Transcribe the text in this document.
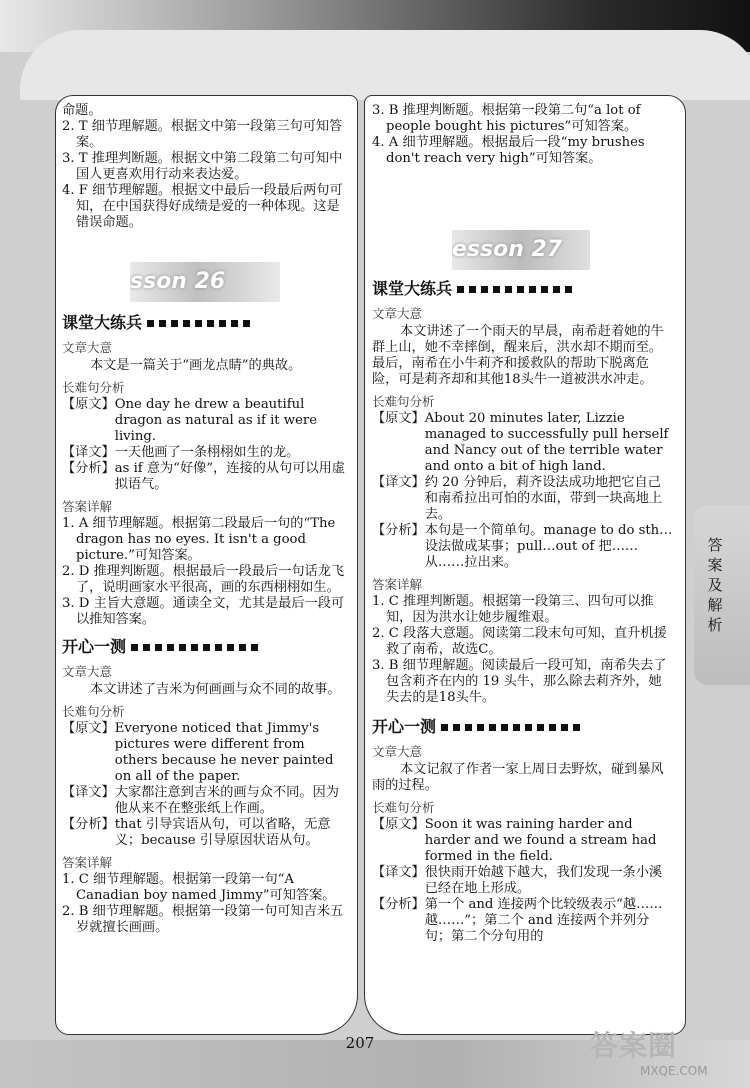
sson 26
esson 27

命题。

2. T 细节理解题。根据文中第一段第三句可知答案。

3. T 推理判断题。根据文中第二段第二句可知中国人更喜欢用行动来表达爱。

4. F 细节理解题。根据文中最后一段最后两句可知，在中国获得好成绩是爱的一种体现。这是错误命题。

课堂大练兵

文章大意

本文是一篇关于“画龙点睛”的典故。

长难句分析

【原文】 One day he drew a beautiful dragon as natural as if it were living.
【译文】 一天他画了一条栩栩如生的龙。
【分析】 as if 意为“好像”，连接的从句可以用虚拟语气。

答案详解

1. A 细节理解题。根据第二段最后一句的“The dragon has no eyes. It isn't a good picture.”可知答案。

2. D 推理判断题。根据最后一段最后一句话龙飞了，说明画家水平很高，画的东西栩栩如生。

3. D 主旨大意题。通读全文，尤其是最后一段可以推知答案。

开心一测

文章大意

本文讲述了吉米为何画画与众不同的故事。

长难句分析

【原文】 Everyone noticed that Jimmy's pictures were different from others because he never painted on all of the paper.
【译文】 大家都注意到吉米的画与众不同。因为他从来不在整张纸上作画。
【分析】 that 引导宾语从句，可以省略，无意义；because 引导原因状语从句。

答案详解

1. C 细节理解题。根据第一段第一句“A Canadian boy named Jimmy”可知答案。

2. B 细节理解题。根据第一段第一句可知吉米五岁就擅长画画。

3. B 推理判断题。根据第一段第二句“a lot of people bought his pictures”可知答案。

4. A 细节理解题。根据最后一段“my brushes don't reach very high”可知答案。

课堂大练兵

文章大意

本文讲述了一个雨天的早晨，南希赶着她的牛群上山，她不幸摔倒，醒来后，洪水却不期而至。最后，南希在小牛莉齐和援救队的帮助下脱离危险，可是莉齐却和其他18头牛一道被洪水冲走。

长难句分析

【原文】 About 20 minutes later, Lizzie managed to successfully pull herself and Nancy out of the terrible water and onto a bit of high land.
【译文】 约 20 分钟后，莉齐设法成功地把它自己和南希拉出可怕的水面，带到一块高地上去。
【分析】 本句是一个简单句。manage to do sth… 设法做成某事；pull…out of 把……从……拉出来。

答案详解

1. C 推理判断题。根据第一段第三、四句可以推知，因为洪水让她步履维艰。

2. C 段落大意题。阅读第二段末句可知，直升机援救了南希，故选C。

3. B 细节理解题。阅读最后一段可知，南希失去了包含莉齐在内的 19 头牛，那么除去莉齐外，她失去的是18头牛。

开心一测

文章大意

本文记叙了作者一家上周日去野炊，碰到暴风雨的过程。

长难句分析

【原文】 Soon it was raining harder and harder and we found a stream had formed in the field.
【译文】 很快雨开始越下越大，我们发现一条小溪已经在地上形成。
【分析】 第一个 and 连接两个比较级表示“越……越……”；第二个 and 连接两个并列分句；第二个分句用的
答案及解析
207	答案圈
MXQE.COM
